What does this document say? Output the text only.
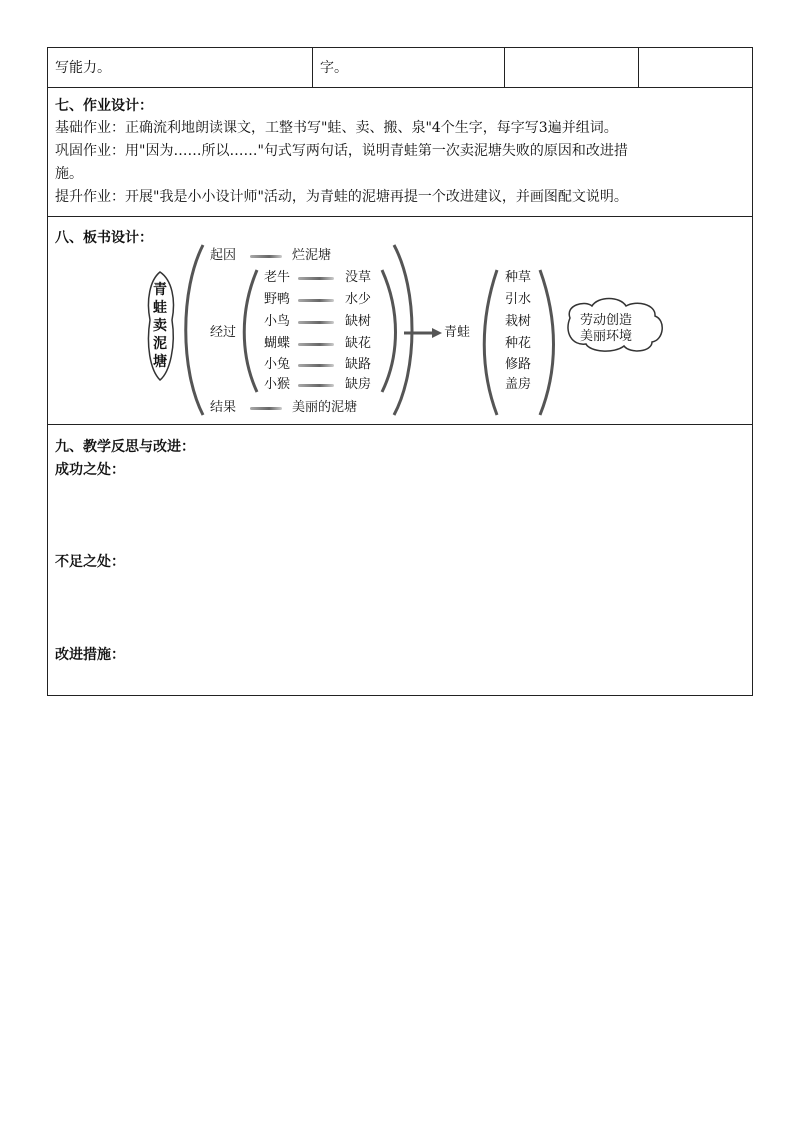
写能力。	字。
七、作业设计：
基础作业：正确流利地朗读课文，工整书写"蛙、卖、搬、泉"4个生字，每字写3遍并组词。
巩固作业：用"因为……所以……"句式写两句话，说明青蛙第一次卖泥塘失败的原因和改进措
施。
提升作业：开展"我是小小设计师"活动，为青蛙的泥塘再提一个改进建议，并画图配文说明。
八、板书设计：
青
蛙
卖
泥
塘
起因	烂泥塘
经过
老牛	没草
野鸭	水少
小鸟	缺树
蝴蝶	缺花
小兔	缺路
小猴	缺房
青蛙
种草
引水
栽树
种花
修路
盖房
劳动创造
美丽环境
结果	美丽的泥塘
九、教学反思与改进：
成功之处：
不足之处：
改进措施：
